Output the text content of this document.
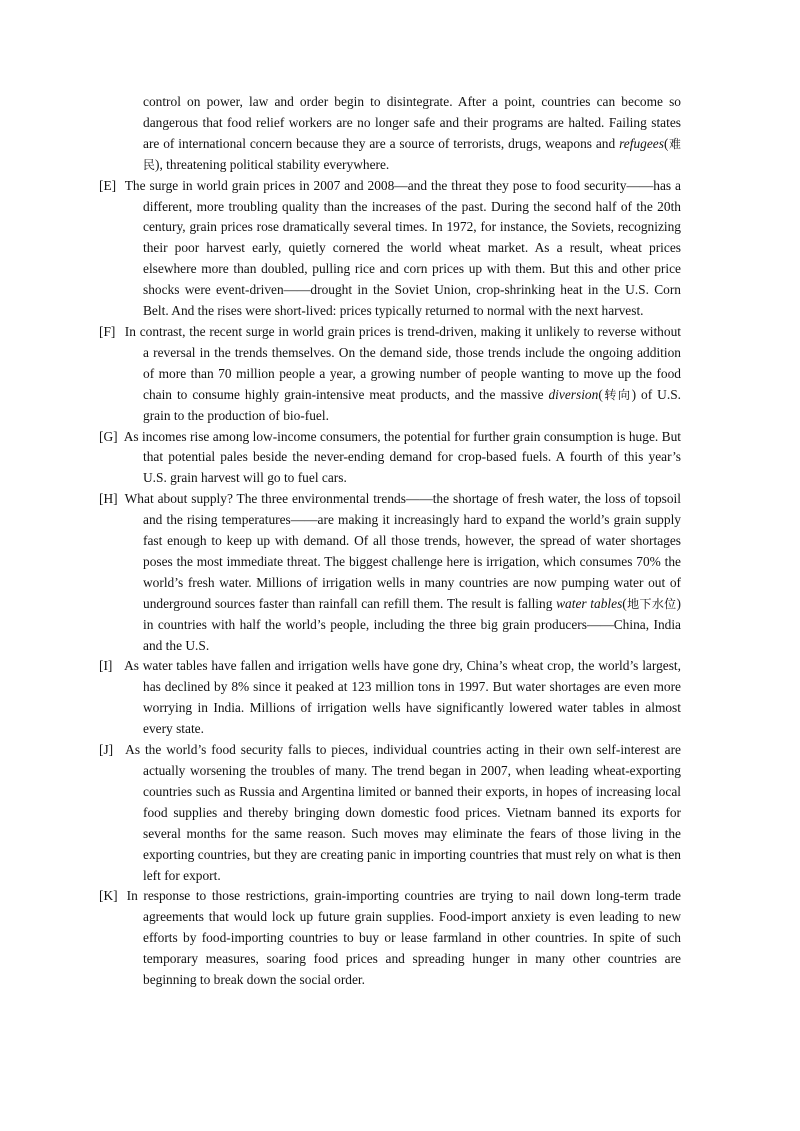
control on power, law and order begin to disintegrate. After a point, countries can become so dangerous that food relief workers are no longer safe and their programs are halted. Failing states are of international concern because they are a source of terrorists, drugs, weapons and refugees(难民), threatening political stability everywhere.

[E] The surge in world grain prices in 2007 and 2008—and the threat they pose to food security——has a different, more troubling quality than the increases of the past. During the second half of the 20th century, grain prices rose dramatically several times. In 1972, for instance, the Soviets, recognizing their poor harvest early, quietly cornered the world wheat market. As a result, wheat prices elsewhere more than doubled, pulling rice and corn prices up with them. But this and other price shocks were event-driven——drought in the Soviet Union, crop-shrinking heat in the U.S. Corn Belt. And the rises were short-lived: prices typically returned to normal with the next harvest.

[F] In contrast, the recent surge in world grain prices is trend-driven, making it unlikely to reverse without a reversal in the trends themselves. On the demand side, those trends include the ongoing addition of more than 70 million people a year, a growing number of people wanting to move up the food chain to consume highly grain-intensive meat products, and the massive diversion(转向) of U.S. grain to the production of bio-fuel.

[G] As incomes rise among low-income consumers, the potential for further grain consumption is huge. But that potential pales beside the never-ending demand for crop-based fuels. A fourth of this year’s U.S. grain harvest will go to fuel cars.

[H] What about supply? The three environmental trends——the shortage of fresh water, the loss of topsoil and the rising temperatures——are making it increasingly hard to expand the world’s grain supply fast enough to keep up with demand. Of all those trends, however, the spread of water shortages poses the most immediate threat. The biggest challenge here is irrigation, which consumes 70% the world’s fresh water. Millions of irrigation wells in many countries are now pumping water out of underground sources faster than rainfall can refill them. The result is falling water tables(地下水位) in countries with half the world’s people, including the three big grain producers——China, India and the U.S.

[I] As water tables have fallen and irrigation wells have gone dry, China’s wheat crop, the world’s largest, has declined by 8% since it peaked at 123 million tons in 1997. But water shortages are even more worrying in India. Millions of irrigation wells have significantly lowered water tables in almost every state.

[J] As the world’s food security falls to pieces, individual countries acting in their own self-interest are actually worsening the troubles of many. The trend began in 2007, when leading wheat-exporting countries such as Russia and Argentina limited or banned their exports, in hopes of increasing local food supplies and thereby bringing down domestic food prices. Vietnam banned its exports for several months for the same reason. Such moves may eliminate the fears of those living in the exporting countries, but they are creating panic in importing countries that must rely on what is then left for export.

[K] In response to those restrictions, grain-importing countries are trying to nail down long-term trade agreements that would lock up future grain supplies. Food-import anxiety is even leading to new efforts by food-importing countries to buy or lease farmland in other countries. In spite of such temporary measures, soaring food prices and spreading hunger in many other countries are beginning to break down the social order.
